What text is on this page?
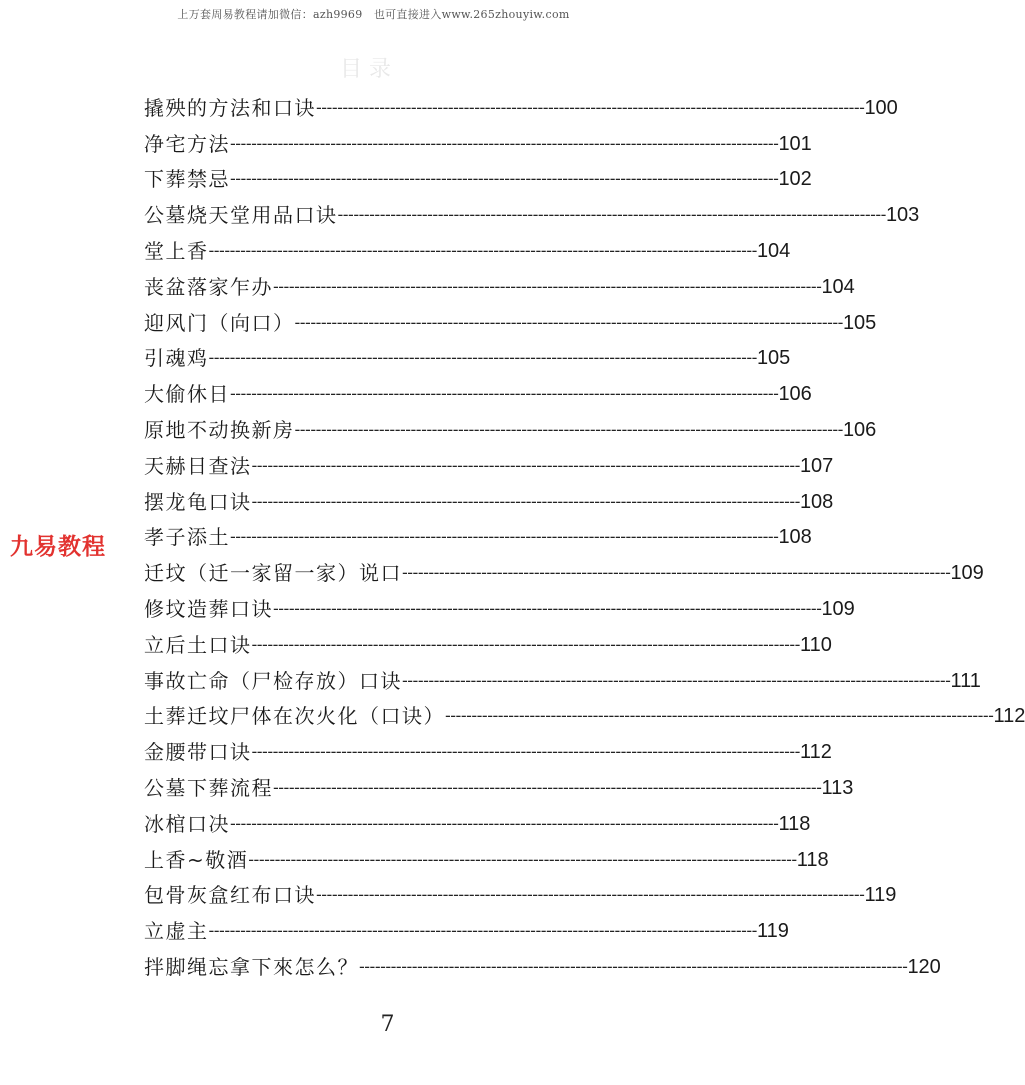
上万套周易教程请加微信：azh9969　也可直接进入www.265zhouyiw.com
目 录
撬殃的方法和口诀 -------------------------------------------------------------------------------------------------------- 100
净宅方法 -------------------------------------------------------------------------------------------------------- 101
下葬禁忌 -------------------------------------------------------------------------------------------------------- 102
公墓烧天堂用品口诀 -------------------------------------------------------------------------------------------------------- 103
堂上香 -------------------------------------------------------------------------------------------------------- 104
丧盆落家乍办 -------------------------------------------------------------------------------------------------------- 104
迎风门（向口） -------------------------------------------------------------------------------------------------------- 105
引魂鸡 -------------------------------------------------------------------------------------------------------- 105
大偷休日 -------------------------------------------------------------------------------------------------------- 106
原地不动换新房 -------------------------------------------------------------------------------------------------------- 106
天赫日查法 -------------------------------------------------------------------------------------------------------- 107
摆龙龟口诀 -------------------------------------------------------------------------------------------------------- 108
孝子添土 -------------------------------------------------------------------------------------------------------- 108
迁坟（迁一家留一家）说口 -------------------------------------------------------------------------------------------------------- 109
修坟造葬口诀 -------------------------------------------------------------------------------------------------------- 109
立后土口诀 -------------------------------------------------------------------------------------------------------- 110
事故亡命（尸检存放）口诀 -------------------------------------------------------------------------------------------------------- 111
土葬迁坟尸体在次火化（口诀） -------------------------------------------------------------------------------------------------------- 112
金腰带口诀 -------------------------------------------------------------------------------------------------------- 112
公墓下葬流程 -------------------------------------------------------------------------------------------------------- 113
冰棺口决 -------------------------------------------------------------------------------------------------------- 118
上香~敬酒 -------------------------------------------------------------------------------------------------------- 118
包骨灰盒红布口诀 -------------------------------------------------------------------------------------------------------- 119
立虚主 -------------------------------------------------------------------------------------------------------- 119
拌脚绳忘拿下來怎么？ -------------------------------------------------------------------------------------------------------- 120
九易教程
7
